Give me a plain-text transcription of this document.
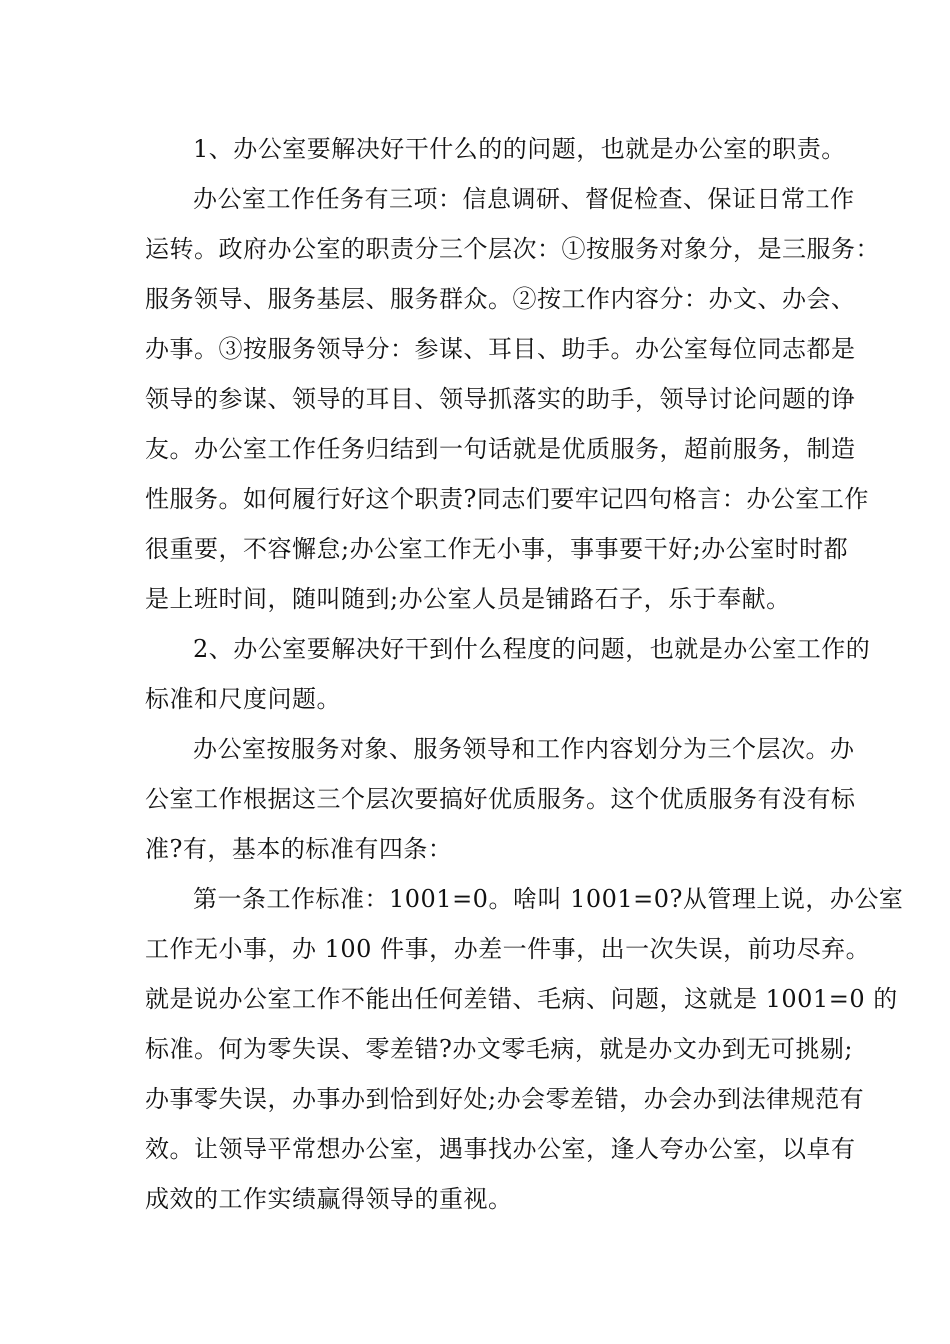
1、办公室要解决好干什么的的问题，也就是办公室的职责。

办公室工作任务有三项：信息调研、督促检查、保证日常工作
运转。政府办公室的职责分三个层次：①按服务对象分，是三服务：
服务领导、服务基层、服务群众。②按工作内容分：办文、办会、
办事。③按服务领导分：参谋、耳目、助手。办公室每位同志都是
领导的参谋、领导的耳目、领导抓落实的助手，领导讨论问题的诤
友。办公室工作任务归结到一句话就是优质服务，超前服务，制造
性服务。如何履行好这个职责?同志们要牢记四句格言：办公室工作
很重要，不容懈怠;办公室工作无小事，事事要干好;办公室时时都
是上班时间，随叫随到;办公室人员是铺路石子，乐于奉献。

2、办公室要解决好干到什么程度的问题，也就是办公室工作的
标准和尺度问题。

办公室按服务对象、服务领导和工作内容划分为三个层次。办
公室工作根据这三个层次要搞好优质服务。这个优质服务有没有标
准?有，基本的标准有四条：

第一条工作标准：1001=0。啥叫 1001=0?从管理上说，办公室
工作无小事，办 100 件事，办差一件事，出一次失误，前功尽弃。
就是说办公室工作不能出任何差错、毛病、问题，这就是 1001=0 的
标准。何为零失误、零差错?办文零毛病，就是办文办到无可挑剔;
办事零失误，办事办到恰到好处;办会零差错，办会办到法律规范有
效。让领导平常想办公室，遇事找办公室，逢人夸办公室，以卓有
成效的工作实绩赢得领导的重视。
